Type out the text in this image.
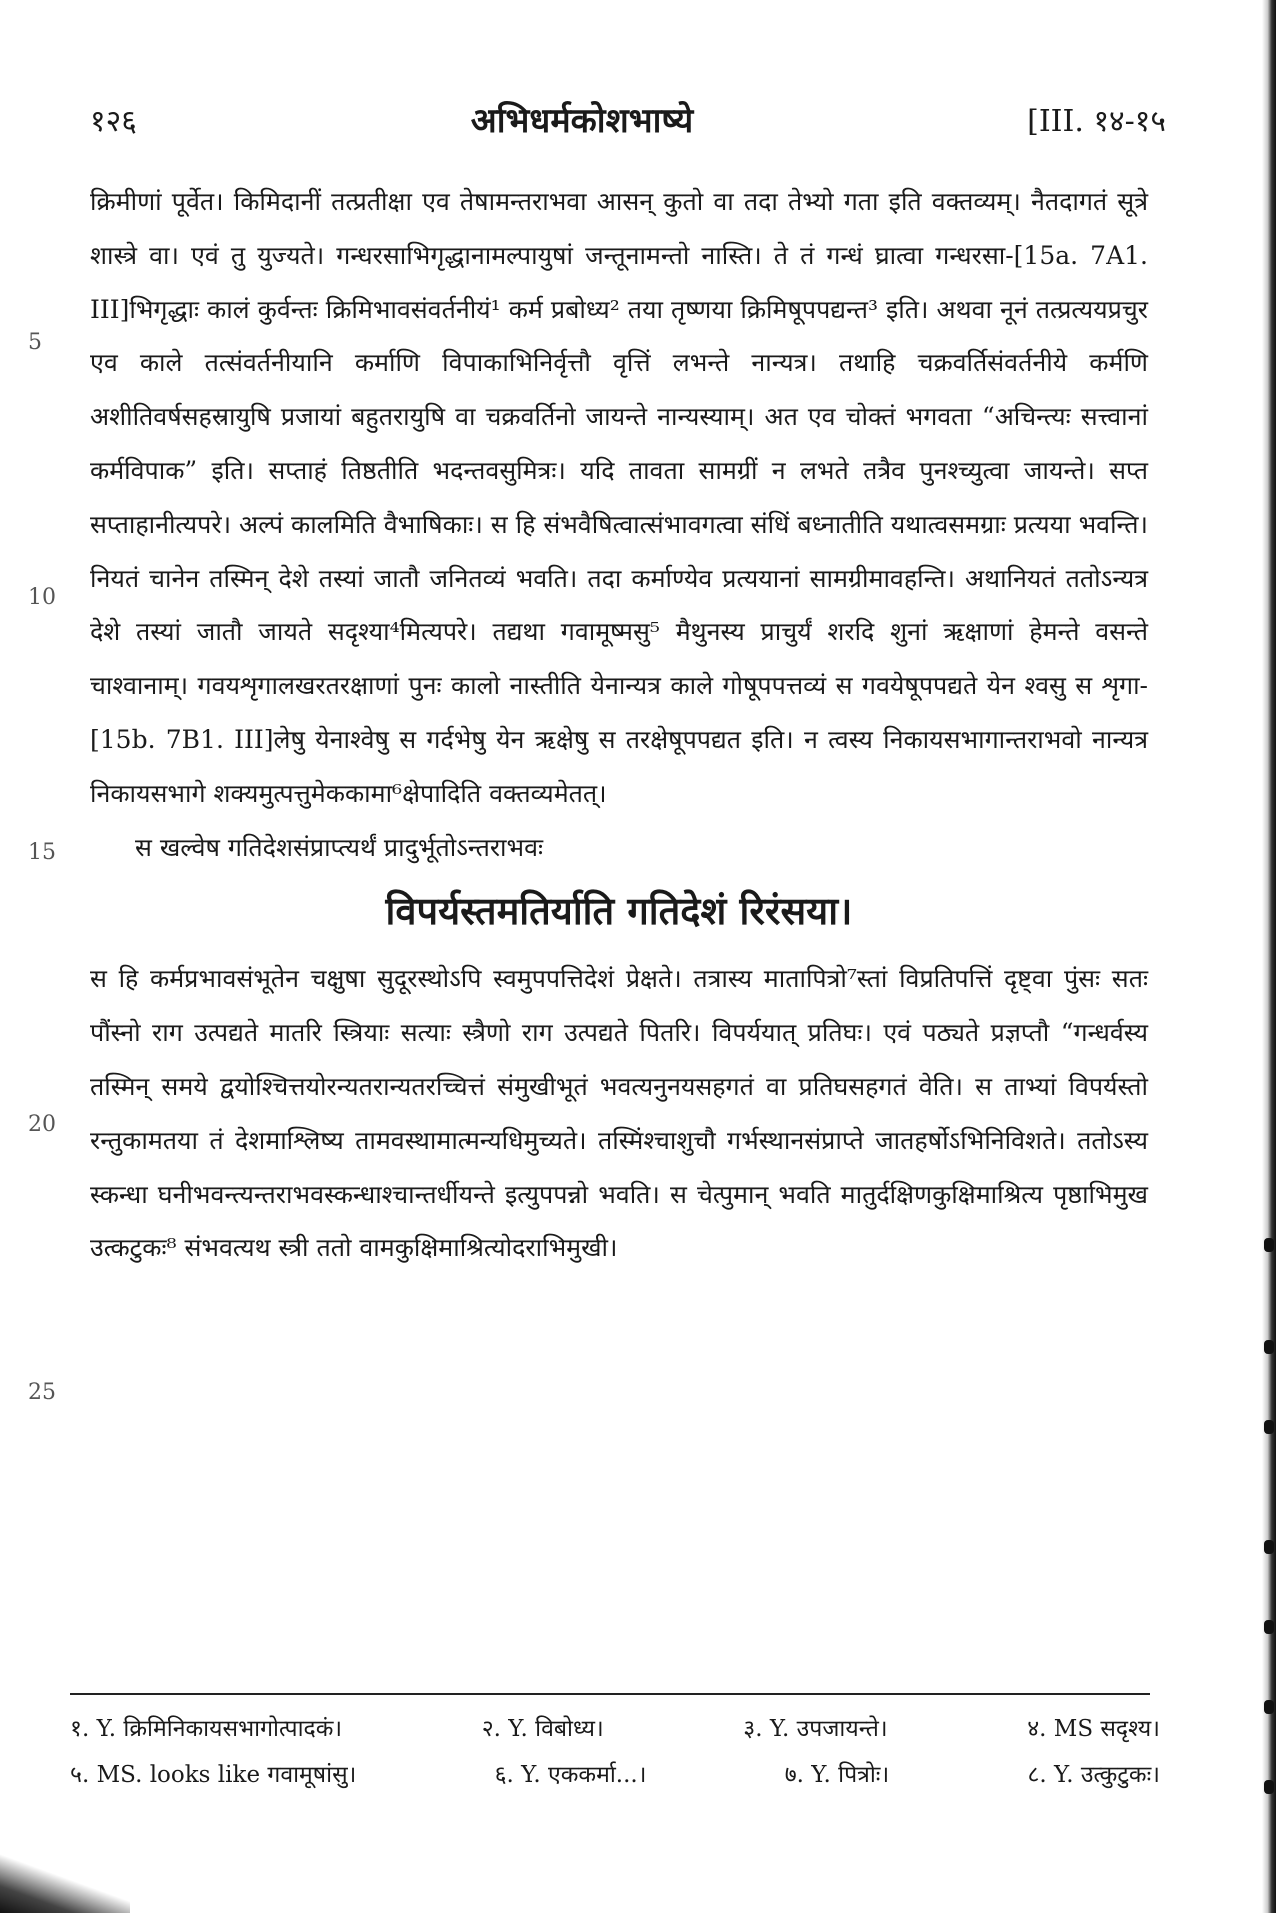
१२६	अभिधर्मकोशभाष्ये	[III. १४-१५
5
10
15
20
25

क्रिमीणां पूर्वेत। किमिदानीं तत्प्रतीक्षा एव तेषामन्तराभवा आसन् कुतो वा तदा तेभ्यो गता इति वक्तव्यम्। नैतदागतं सूत्रे शास्त्रे वा। एवं तु युज्यते। गन्धरसाभिगृद्धानामल्पायुषां जन्तूनामन्तो नास्ति। ते तं गन्धं घ्रात्वा गन्धरसा-[15a. 7A1. III]भिगृद्धाः कालं कुर्वन्तः क्रिमिभावसंवर्तनीयं¹ कर्म प्रबोध्य² तया तृष्णया क्रिमिषूपपद्यन्त³ इति। अथवा नूनं तत्प्रत्ययप्रचुर एव काले तत्संवर्तनीयानि कर्माणि विपाकाभिनिर्वृत्तौ वृत्तिं लभन्ते नान्यत्र। तथाहि चक्रवर्तिसंवर्तनीये कर्मणि अशीतिवर्षसहस्रायुषि प्रजायां बहुतरायुषि वा चक्रवर्तिनो जायन्ते नान्यस्याम्। अत एव चोक्तं भगवता “अचिन्त्यः सत्त्वानां कर्मविपाक” इति। सप्ताहं तिष्ठतीति भदन्तवसुमित्रः। यदि तावता सामग्रीं न लभते तत्रैव पुनश्च्युत्वा जायन्ते। सप्त सप्ताहानीत्यपरे। अल्पं कालमिति वैभाषिकाः। स हि संभवैषित्वात्संभावगत्वा संधिं बध्नातीति यथात्वसमग्राः प्रत्यया भवन्ति। नियतं चानेन तस्मिन् देशे तस्यां जातौ जनितव्यं भवति। तदा कर्माण्येव प्रत्ययानां सामग्रीमावहन्ति। अथानियतं ततोऽन्यत्र देशे तस्यां जातौ जायते सदृश्या⁴मित्यपरे। तद्यथा गवामूष्मसु⁵ मैथुनस्य प्राचुर्यं शरदि शुनां ऋक्षाणां हेमन्ते वसन्ते चाश्वानाम्। गवयशृगालखरतरक्षाणां पुनः कालो नास्तीति येनान्यत्र काले गोषूपपत्तव्यं स गवयेषूपपद्यते येन श्वसु स शृगा-[15b. 7B1. III]लेषु येनाश्वेषु स गर्दभेषु येन ऋक्षेषु स तरक्षेषूपपद्यत इति। न त्वस्य निकायसभागान्तराभवो नान्यत्र निकायसभागे शक्यमुत्पत्तुमेककामा⁶क्षेपादिति वक्तव्यमेतत्।

स खल्वेष गतिदेशसंप्राप्त्यर्थं प्रादुर्भूतोऽन्तराभवः

विपर्यस्तमतिर्याति गतिदेशं रिरंसया।

स हि कर्मप्रभावसंभूतेन चक्षुषा सुदूरस्थोऽपि स्वमुपपत्तिदेशं प्रेक्षते। तत्रास्य मातापित्रो⁷स्तां विप्रतिपत्तिं दृष्ट्वा पुंसः सतः पौंस्नो राग उत्पद्यते मातरि स्त्रियाः सत्याः स्त्रैणो राग उत्पद्यते पितरि। विपर्ययात् प्रतिघः। एवं पठ्यते प्रज्ञप्तौ “गन्धर्वस्य तस्मिन् समये द्वयोश्चित्तयोरन्यतरान्यतरच्चित्तं संमुखीभूतं भवत्यनुनयसहगतं वा प्रतिघसहगतं वेति। स ताभ्यां विपर्यस्तो रन्तुकामतया तं देशमाश्लिष्य तामवस्थामात्मन्यधिमुच्यते। तस्मिंश्चाशुचौ गर्भस्थानसंप्राप्ते जातहर्षोऽभिनिविशते। ततोऽस्य स्कन्धा घनीभवन्त्यन्तराभवस्कन्धाश्चान्तर्धीयन्ते इत्युपपन्नो भवति। स चेत्पुमान् भवति मातुर्दक्षिणकुक्षिमाश्रित्य पृष्ठाभिमुख उत्कटुकः⁸ संभवत्यथ स्त्री ततो वामकुक्षिमाश्रित्योदराभिमुखी।

१. Y. क्रिमिनिकायसभागोत्पादकं।	२. Y. विबोध्य।	३. Y. उपजायन्ते।	४. MS सदृश्य।
५. MS. looks like गवामूषांसु।	६. Y. एककर्मा...।	७. Y. पित्रोः।	८. Y. उत्कुटुकः।
